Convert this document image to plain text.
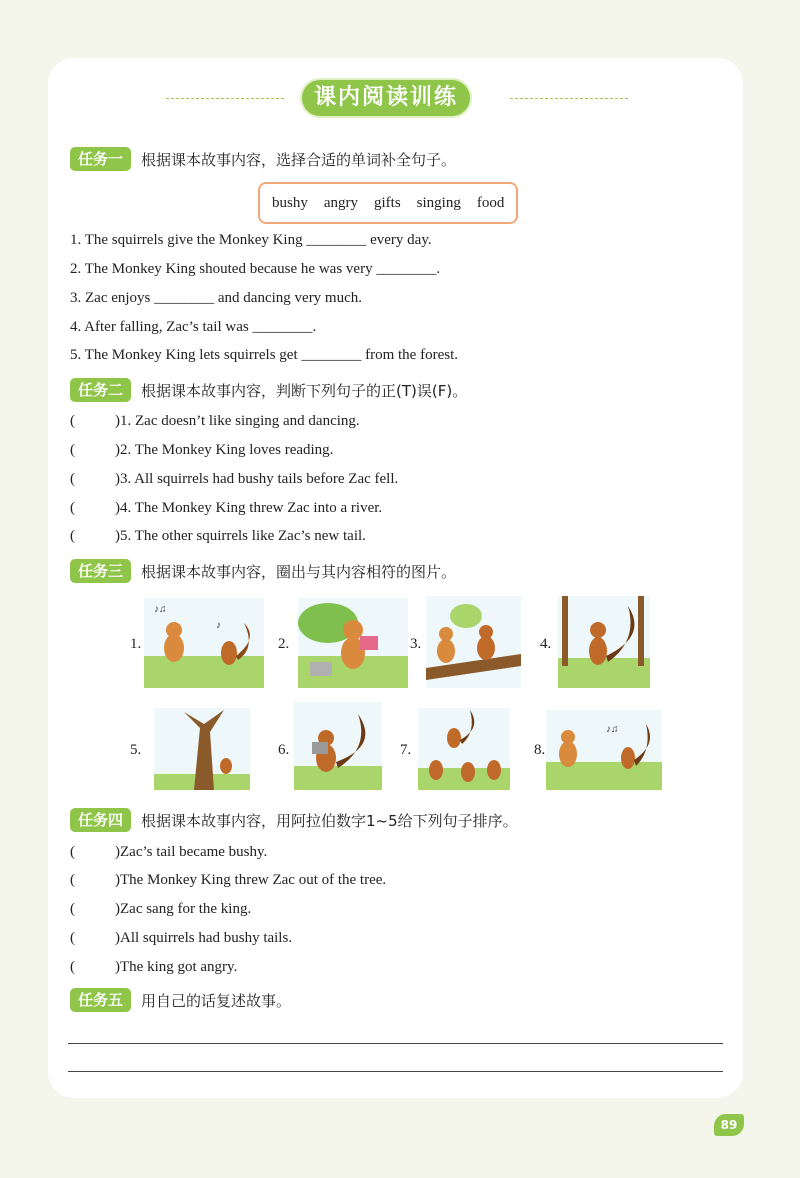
课内阅读训练
任务一	根据课本故事内容，选择合适的单词补全句子。
bushy angry gifts singing food
1. The squirrels give the Monkey King ________ every day.
2. The Monkey King shouted because he was very ________.
3. Zac enjoys ________ and dancing very much.
4. After falling, Zac’s tail was ________.
5. The Monkey King lets squirrels get ________ from the forest.
任务二	根据课本故事内容，判断下列句子的正(T)误(F)。
(	)1. Zac doesn’t like singing and dancing.
(	)2. The Monkey King loves reading.
(	)3. All squirrels had bushy tails before Zac fell.
(	)4. The Monkey King threw Zac into a river.
(	)5. The other squirrels like Zac’s new tail.
任务三	根据课本故事内容，圈出与其内容相符的图片。
1.
♪♫
♪
2.	3.	4.
5.	6.	7.	8.
♪♫
任务四	根据课本故事内容，用阿拉伯数字1~5给下列句子排序。
(	)Zac’s tail became bushy.
(	)The Monkey King threw Zac out of the tree.
(	)Zac sang for the king.
(	)All squirrels had bushy tails.
(	)The king got angry.
任务五	用自己的话复述故事。
89
